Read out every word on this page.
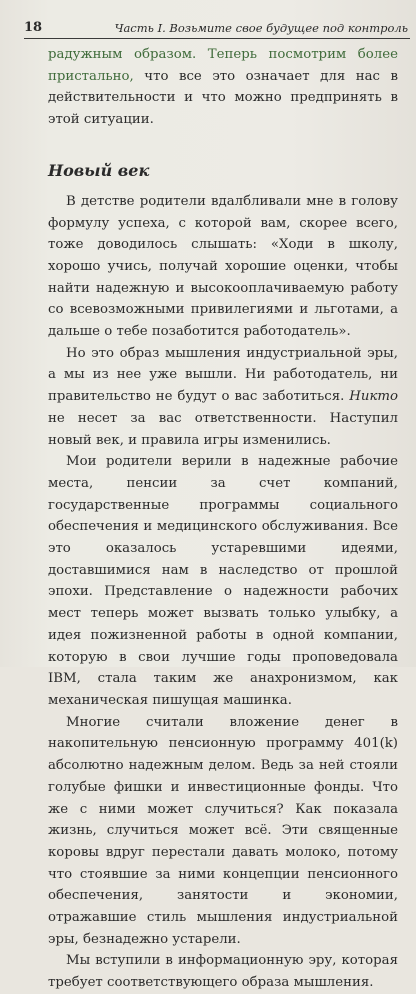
18	Часть I. Возьмите свое будущее под контроль

радужным образом. Теперь посмотрим более пристально, что все это означает для нас в действительности и что можно предпринять в этой ситуации.

Новый век

В детстве родители вдалбливали мне в голову формулу успеха, с которой вам, скорее всего, тоже доводилось слышать: «Ходи в школу, хорошо учись, получай хорошие оценки, чтобы найти надежную и высокооплачиваемую работу со всевозможными привилегиями и льготами, а дальше о тебе позаботится работодатель».

Но это образ мышления индустриальной эры, а мы из нее уже вышли. Ни работодатель, ни правительство не будут о вас заботиться. Никто не несет за вас ответственности. Наступил новый век, и правила игры изменились.

Мои родители верили в надежные рабочие места, пенсии за счет компаний, государственные программы социального обеспечения и медицинского обслуживания. Все это оказалось устаревшими идеями, доставшимися нам в наследство от прошлой эпохи. Представление о надежности рабочих мест теперь может вызвать только улыбку, а идея пожизненной работы в одной компании, которую в свои лучшие годы проповедовала IBM, стала таким же анахронизмом, как механическая пишущая машинка.

Многие считали вложение денег в накопительную пенсионную программу 401(k) абсолютно надежным делом. Ведь за ней стояли голубые фишки и инвестиционные фонды. Что же с ними может случиться? Как показала жизнь, случиться может всё. Эти священные коровы вдруг перестали давать молоко, потому что стоявшие за ними концепции пенсионного обеспечения, занятости и экономии, отражавшие стиль мышления индустриальной эры, безнадежно устарели.

Мы вступили в информационную эру, которая требует соответствующего образа мышления.
